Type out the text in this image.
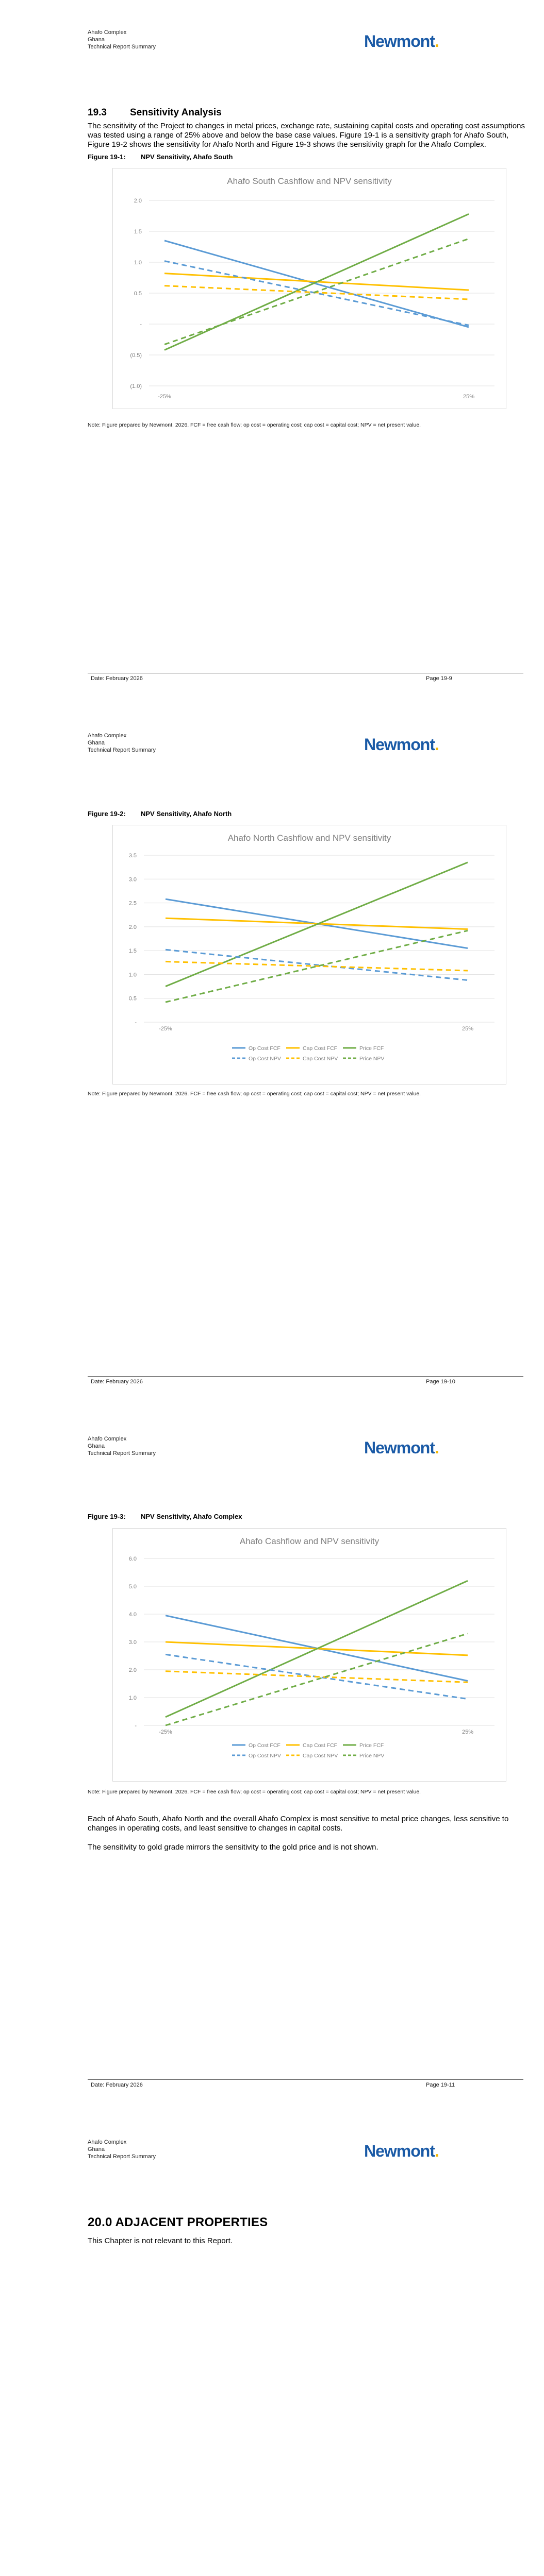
Ahafo Complex
Ghana
Technical Report Summary	Newmont.
19.3 Sensitivity Analysis
The sensitivity of the Project to changes in metal prices, exchange rate, sustaining capital costs and operating cost assumptions was tested using a range of 25% above and below the base case values. Figure 19-1 is a sensitivity graph for Ahafo South, Figure 19-2 shows the sensitivity for Ahafo North and Figure 19-3 shows the sensitivity graph for the Ahafo Complex.
Figure 19-1: NPV Sensitivity, Ahafo South
Ahafo South Cashflow and NPV sensitivity
2.0
1.5
1.0
0.5
-
(0.5)
(1.0)
-25%	25%
Note: Figure prepared by Newmont, 2026. FCF = free cash flow; op cost = operating cost; cap cost = capital cost; NPV = net present value.
Date: February 2026	Page 19-9
Ahafo Complex
Ghana
Technical Report Summary	Newmont.
Figure 19-2: NPV Sensitivity, Ahafo North
Ahafo North Cashflow and NPV sensitivity
3.5
3.0
2.5
2.0
1.5
1.0
0.5
-
-25%	25%
Op Cost FCF	Cap Cost FCF	Price FCF
Op Cost NPV	Cap Cost NPV	Price NPV
Note: Figure prepared by Newmont, 2026. FCF = free cash flow; op cost = operating cost; cap cost = capital cost; NPV = net present value.
Date: February 2026	Page 19-10
Ahafo Complex
Ghana
Technical Report Summary	Newmont.
Figure 19-3: NPV Sensitivity, Ahafo Complex
Ahafo Cashflow and NPV sensitivity
6.0
5.0
4.0
3.0
2.0
1.0
-
-25%	25%
Op Cost FCF	Cap Cost FCF	Price FCF
Op Cost NPV	Cap Cost NPV	Price NPV
Note: Figure prepared by Newmont, 2026. FCF = free cash flow; op cost = operating cost; cap cost = capital cost; NPV = net present value.
Each of Ahafo South, Ahafo North and the overall Ahafo Complex is most sensitive to metal price changes, less sensitive to changes in operating costs, and least sensitive to changes in capital costs.
The sensitivity to gold grade mirrors the sensitivity to the gold price and is not shown.
Date: February 2026	Page 19-11
Ahafo Complex
Ghana
Technical Report Summary	Newmont.
20.0 ADJACENT PROPERTIES
This Chapter is not relevant to this Report.
